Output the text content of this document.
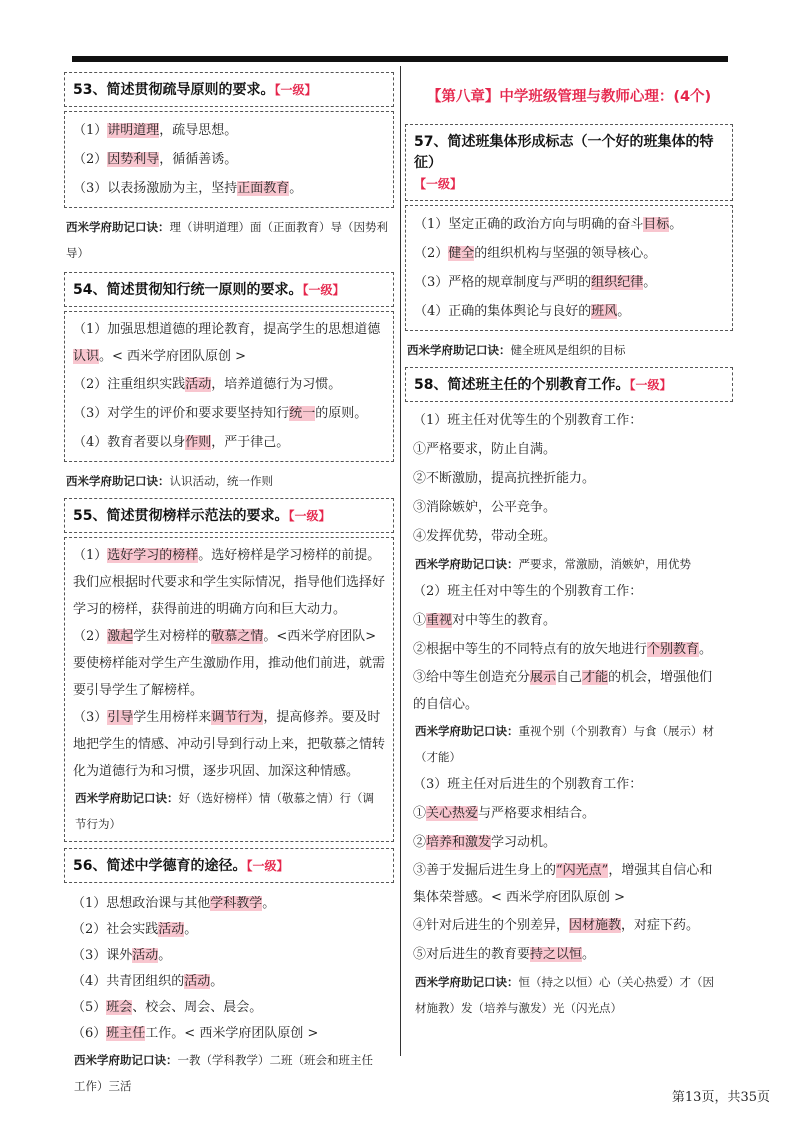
53、简述贯彻疏导原则的要求。【一级】
（1）讲明道理，疏导思想。
（2）因势利导，循循善诱。
（3）以表扬激励为主，坚持正面教育。
西米学府助记口诀：理（讲明道理）面（正面教育）导（因势利导）
54、简述贯彻知行统一原则的要求。【一级】
（1）加强思想道德的理论教育，提高学生的思想道德认识。< 西米学府团队原创 >
（2）注重组织实践活动，培养道德行为习惯。
（3）对学生的评价和要求要坚持知行统一的原则。
（4）教育者要以身作则，严于律己。
西米学府助记口诀：认识活动，统一作则
55、简述贯彻榜样示范法的要求。【一级】
（1）选好学习的榜样。选好榜样是学习榜样的前提。我们应根据时代要求和学生实际情况，指导他们选择好学习的榜样，获得前进的明确方向和巨大动力。
（2）激起学生对榜样的敬慕之情。<西米学府团队>要使榜样能对学生产生激励作用，推动他们前进，就需要引导学生了解榜样。
（3）引导学生用榜样来调节行为，提高修养。要及时地把学生的情感、冲动引导到行动上来，把敬慕之情转化为道德行为和习惯，逐步巩固、加深这种情感。
西米学府助记口诀：好（选好榜样）情（敬慕之情）行（调节行为）
56、简述中学德育的途径。【一级】
（1）思想政治课与其他学科教学。
（2）社会实践活动。
（3）课外活动。
（4）共青团组织的活动。
（5）班会、校会、周会、晨会。
（6）班主任工作。< 西米学府团队原创 >
西米学府助记口诀：一教（学科教学）二班（班会和班主任工作）三活
【第八章】中学班级管理与教师心理：(4个)
57、简述班集体形成标志（一个好的班集体的特征）
【一级】
（1）坚定正确的政治方向与明确的奋斗目标。
（2）健全的组织机构与坚强的领导核心。
（3）严格的规章制度与严明的组织纪律。
（4）正确的集体舆论与良好的班风。
西米学府助记口诀：健全班风是组织的目标
58、简述班主任的个别教育工作。【一级】
（1）班主任对优等生的个别教育工作：
①严格要求，防止自满。
②不断激励，提高抗挫折能力。
③消除嫉妒，公平竞争。
④发挥优势，带动全班。
西米学府助记口诀：严要求，常激励，消嫉妒，用优势
（2）班主任对中等生的个别教育工作：
①重视对中等生的教育。
②根据中等生的不同特点有的放矢地进行个别教育。
③给中等生创造充分展示自己才能的机会，增强他们的自信心。
西米学府助记口诀：重视个别（个别教育）与食（展示）材（才能）
（3）班主任对后进生的个别教育工作：
①关心热爱与严格要求相结合。
②培养和激发学习动机。
③善于发掘后进生身上的“闪光点”，增强其自信心和集体荣誉感。< 西米学府团队原创 >
④针对后进生的个别差异，因材施教，对症下药。
⑤对后进生的教育要持之以恒。
西米学府助记口诀：恒（持之以恒）心（关心热爱）才（因材施教）发（培养与激发）光（闪光点）
第13页，共35页
